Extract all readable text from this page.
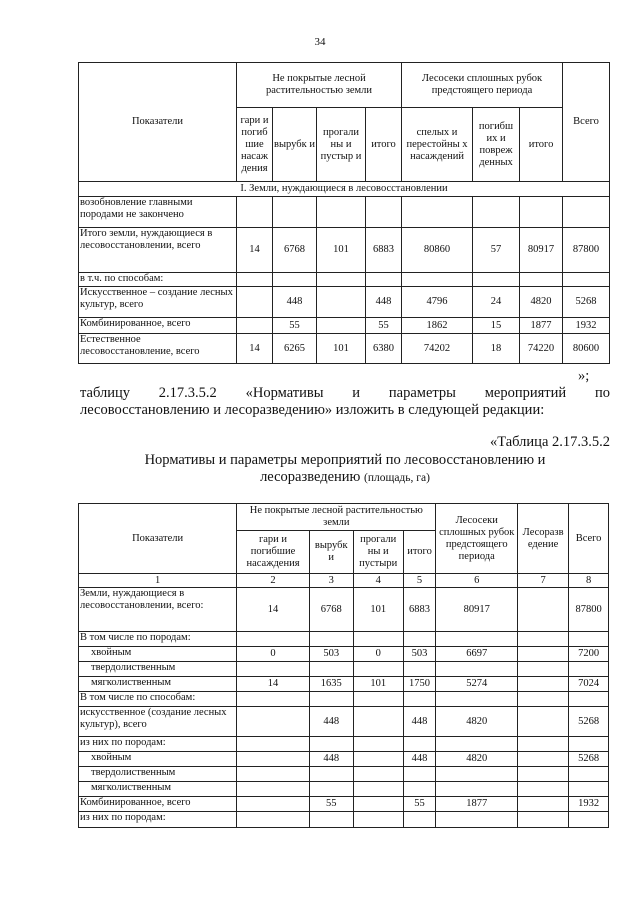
34
Показатели	Не покрытые лесной растительностью земли				Лесосеки сплошных рубок предстоящего периода			Всего
	гари и погиб шие насаж дения	вырубк и	прогали ны и пустыр и	итого	спелых и перестойны х насаждений	погибш их и повреж денных	итого	
I. Земли, нуждающиеся в лесовосстановлении								
возобновление главными породами не закончено								
Итого земли, нуждающиеся в лесовосстановлении, всего	14	6768	101	6883	80860	57	80917	87800
в т.ч. по способам:								
Искусственное – создание лесных культур, всего		448		448	4796	24	4820	5268
Комбинированное, всего		55		55	1862	15	1877	1932
Естественное лесовосстановление, всего	14	6265	101	6380	74202	18	74220	80600
»;
таблицу 2.17.3.5.2 «Нормативы и параметры мероприятий по
лесовосстановлению и лесоразведению» изложить в следующей редакции:
«Таблица 2.17.3.5.2
Нормативы и параметры мероприятий по лесовосстановлению и
лесоразведению (площадь, га)
Показатели	Не покрытые лесной растительностью земли				Лесосеки сплошных рубок предстоящего периода	Лесоразв едение	Всего
	гари и погибшие насаждения	вырубк и	прогали ны и пустыри	итого			
1	2	3	4	5	6	7	8
Земли, нуждающиеся в лесовосстановлении, всего:	14	6768	101	6883	80917		87800
В том числе по породам:							
хвойным	0	503	0	503	6697		7200
твердолиственным							
мягколиственным	14	1635	101	1750	5274		7024
В том числе по способам:							
искусственное (создание лесных культур), всего		448		448	4820		5268
из них по породам:							
хвойным		448		448	4820		5268
твердолиственным							
мягколиственным							
Комбинированное, всего		55		55	1877		1932
из них по породам:							
